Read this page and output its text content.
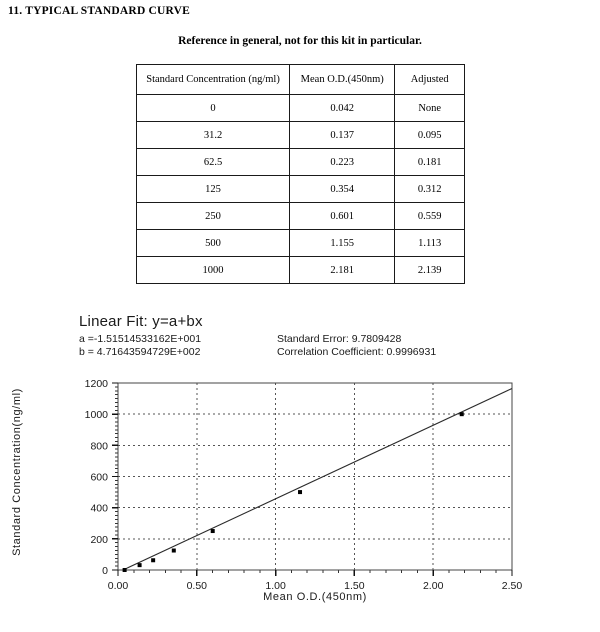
11. TYPICAL STANDARD CURVE
Reference in general, not for this kit in particular.
Standard Concentration (ng/ml)	Mean O.D.(450nm)	Adjusted
0	0.042	None
31.2	0.137	0.095
62.5	0.223	0.181
125	0.354	0.312
250	0.601	0.559
500	1.155	1.113
1000	2.181	2.139
Linear Fit: y=a+bx
a =-1.51514533162E+001	Standard Error: 9.7809428
b = 4.71643594729E+002	Correlation Coefficient: 0.9996931
0.00	0.50	1.00	1.50	2.00	2.50
0
200
400
600
800
1000
1200
Mean O.D.(450nm)
Standard Concentration(ng/ml)
